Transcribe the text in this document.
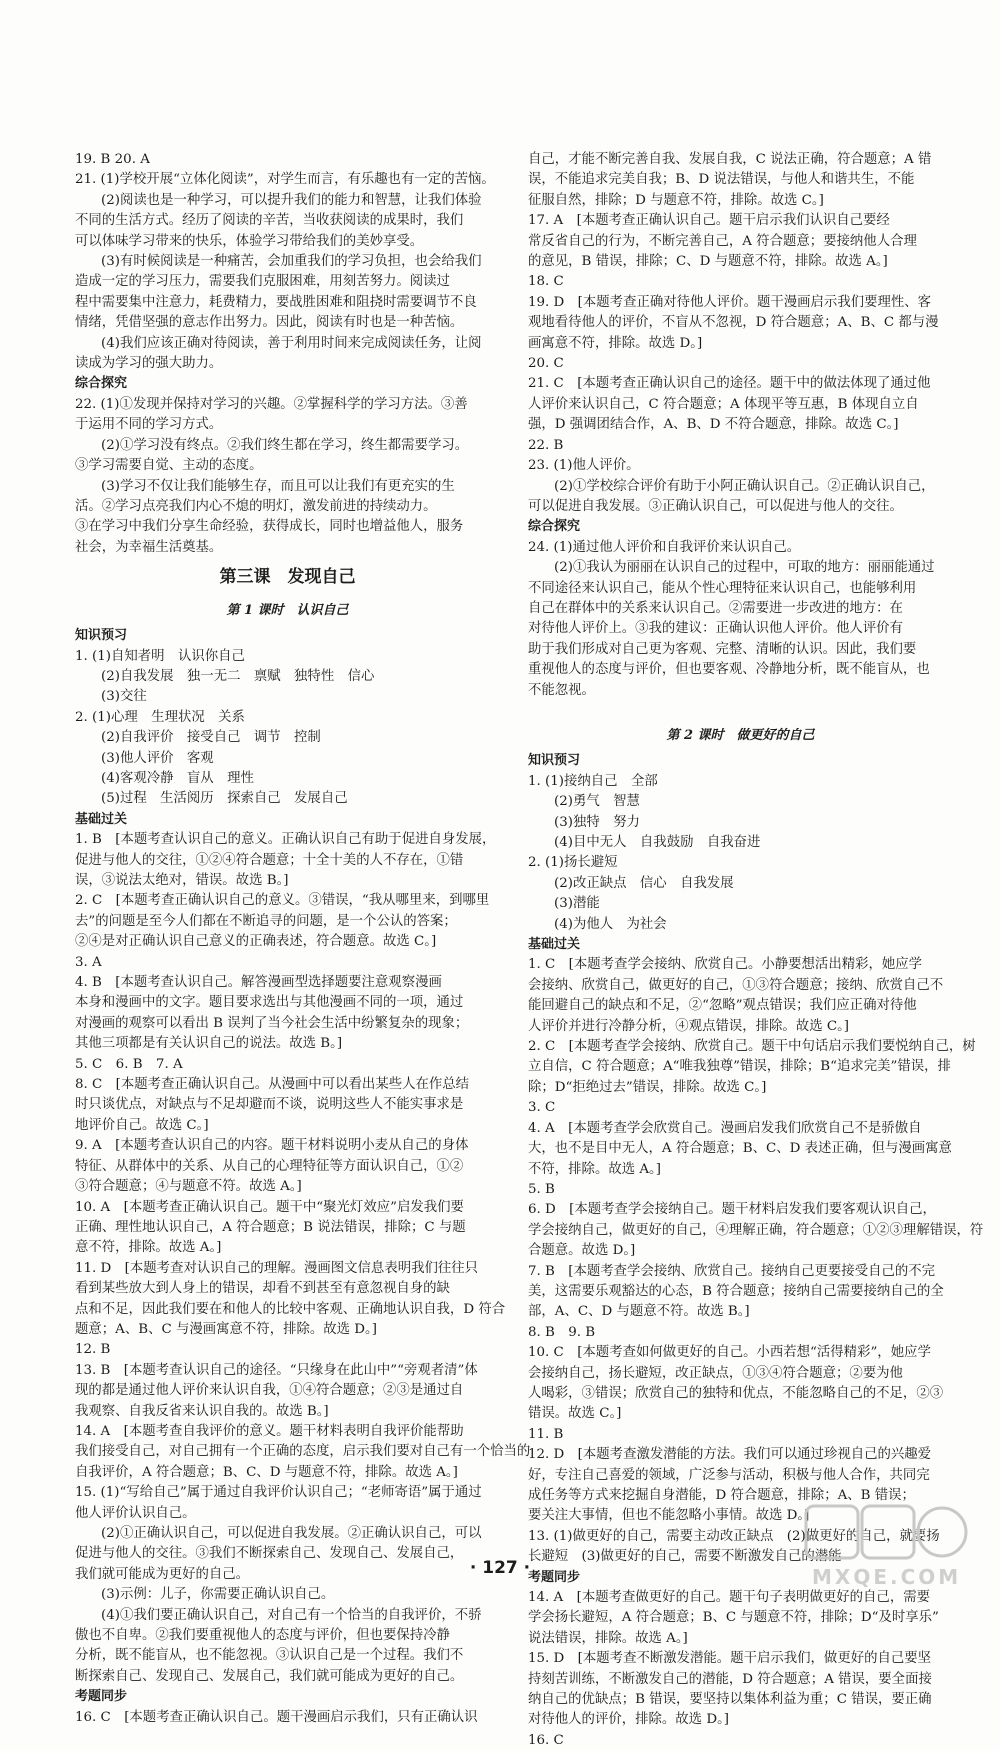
19. B 20. A

21. (1)学校开展“立体化阅读”，对学生而言，有乐趣也有一定的苦恼。

(2)阅读也是一种学习，可以提升我们的能力和智慧，让我们体验

不同的生活方式。经历了阅读的辛苦，当收获阅读的成果时，我们

可以体味学习带来的快乐，体验学习带给我们的美妙享受。

(3)有时候阅读是一种痛苦，会加重我们的学习负担，也会给我们

造成一定的学习压力，需要我们克服困难，用刻苦努力。阅读过

程中需要集中注意力，耗费精力，要战胜困难和阻挠时需要调节不良

情绪，凭借坚强的意志作出努力。因此，阅读有时也是一种苦恼。

(4)我们应该正确对待阅读，善于利用时间来完成阅读任务，让阅

读成为学习的强大助力。

综合探究

22. (1)①发现并保持对学习的兴趣。②掌握科学的学习方法。③善

于运用不同的学习方式。

(2)①学习没有终点。②我们终生都在学习，终生都需要学习。

③学习需要自觉、主动的态度。

(3)学习不仅让我们能够生存，而且可以让我们有更充实的生

活。②学习点亮我们内心不熄的明灯，激发前进的持续动力。

③在学习中我们分享生命经验，获得成长，同时也增益他人，服务

社会，为幸福生活奠基。

第三课　发现自己

第 1 课时　认识自己

知识预习

1. (1)自知者明　认识你自己

(2)自我发展　独一无二　禀赋　独特性　信心

(3)交往

2. (1)心理　生理状况　关系

(2)自我评价　接受自己　调节　控制

(3)他人评价　客观

(4)客观冷静　盲从　理性

(5)过程　生活阅历　探索自己　发展自己

基础过关

1. B　[本题考查认识自己的意义。正确认识自己有助于促进自身发展，

促进与他人的交往，①②④符合题意；十全十美的人不存在，①错

误，③说法太绝对，错误。故选 B。]

2. C　[本题考查正确认识自己的意义。③错误，“我从哪里来，到哪里

去”的问题是至今人们都在不断追寻的问题，是一个公认的答案；

②④是对正确认识自己意义的正确表述，符合题意。故选 C。]

3. A

4. B　[本题考查认识自己。解答漫画型选择题要注意观察漫画

本身和漫画中的文字。题目要求选出与其他漫画不同的一项，通过

对漫画的观察可以看出 B 误判了当今社会生活中纷繁复杂的现象；

其他三项都是有关认识自己的说法。故选 B。]

5. C　6. B　7. A

8. C　[本题考查正确认识自己。从漫画中可以看出某些人在作总结

时只谈优点，对缺点与不足却避而不谈，说明这些人不能实事求是

地评价自己。故选 C。]

9. A　[本题考查认识自己的内容。题干材料说明小麦从自己的身体

特征、从群体中的关系、从自己的心理特征等方面认识自己，①②

③符合题意；④与题意不符。故选 A。]

10. A　[本题考查正确认识自己。题干中“聚光灯效应”启发我们要

正确、理性地认识自己，A 符合题意；B 说法错误，排除；C 与题

意不符，排除。故选 A。]

11. D　[本题考查对认识自己的理解。漫画图文信息表明我们往往只

看到某些放大到人身上的错误，却看不到甚至有意忽视自身的缺

点和不足，因此我们要在和他人的比较中客观、正确地认识自我，D 符合

题意；A、B、C 与漫画寓意不符，排除。故选 D。]

12. B

13. B　[本题考查认识自己的途径。“只缘身在此山中”“旁观者清”体

现的都是通过他人评价来认识自我，①④符合题意；②③是通过自

我观察、自我反省来认识自我的。故选 B。]

14. A　[本题考查自我评价的意义。题干材料表明自我评价能帮助

我们接受自己，对自己拥有一个正确的态度，启示我们要对自己有一个恰当的

自我评价，A 符合题意；B、C、D 与题意不符，排除。故选 A。]

15. (1)“写给自己”属于通过自我评价认识自己；“老师寄语”属于通过

他人评价认识自己。

(2)①正确认识自己，可以促进自我发展。②正确认识自己，可以

促进与他人的交往。③我们不断探索自己、发现自己、发展自己，

我们就可能成为更好的自己。

(3)示例：儿子，你需要正确认识自己。

(4)①我们要正确认识自己，对自己有一个恰当的自我评价，不骄

傲也不自卑。②我们要重视他人的态度与评价，但也要保持冷静

分析，既不能盲从，也不能忽视。③认识自己是一个过程。我们不

断探索自己、发现自己、发展自己，我们就可能成为更好的自己。

考题同步

16. C　[本题考查正确认识自己。题干漫画启示我们，只有正确认识

自己，才能不断完善自我、发展自我，C 说法正确，符合题意；A 错

误，不能追求完美自我；B、D 说法错误，与他人和谐共生，不能

征服自然，排除；D 与题意不符，排除。故选 C。]

17. A　[本题考查正确认识自己。题干启示我们认识自己要经

常反省自己的行为，不断完善自己，A 符合题意；要接纳他人合理

的意见，B 错误，排除；C、D 与题意不符，排除。故选 A。]

18. C

19. D　[本题考查正确对待他人评价。题干漫画启示我们要理性、客

观地看待他人的评价，不盲从不忽视，D 符合题意；A、B、C 都与漫

画寓意不符，排除。故选 D。]

20. C

21. C　[本题考查正确认识自己的途径。题干中的做法体现了通过他

人评价来认识自己，C 符合题意；A 体现平等互惠，B 体现自立自

强，D 强调团结合作，A、B、D 不符合题意，排除。故选 C。]

22. B

23. (1)他人评价。

(2)①学校综合评价有助于小阿正确认识自己。②正确认识自己，

可以促进自我发展。③正确认识自己，可以促进与他人的交往。

综合探究

24. (1)通过他人评价和自我评价来认识自己。

(2)①我认为丽丽在认识自己的过程中，可取的地方：丽丽能通过

不同途径来认识自己，能从个性心理特征来认识自己，也能够利用

自己在群体中的关系来认识自己。②需要进一步改进的地方：在

对待他人评价上。③我的建议：正确认识他人评价。他人评价有

助于我们形成对自己更为客观、完整、清晰的认识。因此，我们要

重视他人的态度与评价，但也要客观、冷静地分析，既不能盲从，也

不能忽视。

第 2 课时　做更好的自己

知识预习

1. (1)接纳自己　全部

(2)勇气　智慧

(3)独特　努力

(4)目中无人　自我鼓励　自我奋进

2. (1)扬长避短

(2)改正缺点　信心　自我发展

(3)潜能

(4)为他人　为社会

基础过关

1. C　[本题考查学会接纳、欣赏自己。小静要想活出精彩，她应学

会接纳、欣赏自己，做更好的自己，①③符合题意；接纳、欣赏自己不

能回避自己的缺点和不足，②“忽略”观点错误；我们应正确对待他

人评价并进行冷静分析，④观点错误，排除。故选 C。]

2. C　[本题考查学会接纳、欣赏自己。题干中句话启示我们要悦纳自己，树

立自信，C 符合题意；A“唯我独尊”错误，排除；B“追求完美”错误，排

除；D“拒绝过去”错误，排除。故选 C。]

3. C

4. A　[本题考查学会欣赏自己。漫画启发我们欣赏自己不是骄傲自

大，也不是目中无人，A 符合题意；B、C、D 表述正确，但与漫画寓意

不符，排除。故选 A。]

5. B

6. D　[本题考查学会接纳自己。题干材料启发我们要客观认识自己，

学会接纳自己，做更好的自己，④理解正确，符合题意；①②③理解错误，符

合题意。故选 D。]

7. B　[本题考查学会接纳、欣赏自己。接纳自己更要接受自己的不完

美，这需要乐观豁达的心态，B 符合题意；接纳自己需要接纳自己的全

部，A、C、D 与题意不符。故选 B。]

8. B　9. B

10. C　[本题考查如何做更好的自己。小西若想“活得精彩”，她应学

会接纳自己，扬长避短，改正缺点，①③④符合题意；②要为他

人喝彩，③错误；欣赏自己的独特和优点，不能忽略自己的不足，②③

错误。故选 C。]

11. B

12. D　[本题考查激发潜能的方法。我们可以通过珍视自己的兴趣爱

好，专注自己喜爱的领域，广泛参与活动，积极与他人合作，共同完

成任务等方式来挖掘自身潜能，D 符合题意，排除；A、B 错误；

要关注大事情，但也不能忽略小事情。故选 D。]

13. (1)做更好的自己，需要主动改正缺点　(2)做更好的自己，就要扬

长避短　(3)做更好的自己，需要不断激发自己的潜能

考题同步

14. A　[本题考查做更好的自己。题干句子表明做更好的自己，需要

学会扬长避短，A 符合题意；B、C 与题意不符，排除；D“及时享乐”

说法错误，排除。故选 A。]

15. D　[本题考查不断激发潜能。题干启示我们，做更好的自己要坚

持刻苦训练，不断激发自己的潜能，D 符合题意；A 错误，要全面接

纳自己的优缺点；B 错误，要坚持以集体利益为重；C 错误，要正确

对待他人的评价，排除。故选 D。]

16. C

· 127 ·	MXQE.COM
